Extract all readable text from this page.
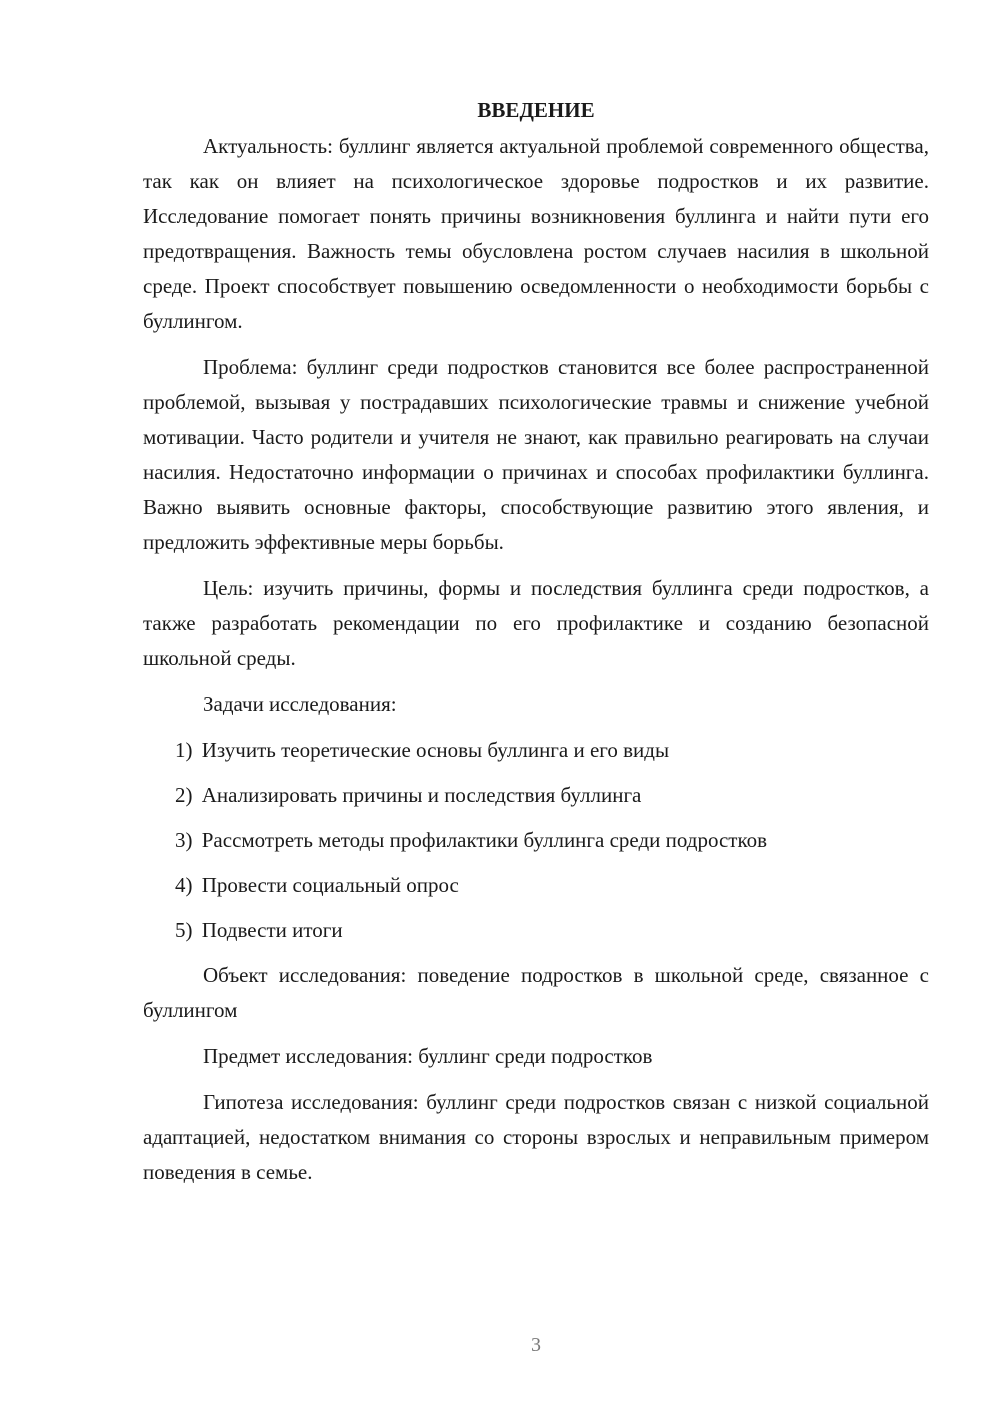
ВВЕДЕНИЕ

Актуальность: буллинг является актуальной проблемой современного общества, так как он влияет на психологическое здоровье подростков и их развитие. Исследование помогает понять причины возникновения буллинга и найти пути его предотвращения. Важность темы обусловлена ростом случаев насилия в школьной среде. Проект способствует повышению осведомленности о необходимости борьбы с буллингом.

Проблема: буллинг среди подростков становится все более распространенной проблемой, вызывая у пострадавших психологические травмы и снижение учебной мотивации. Часто родители и учителя не знают, как правильно реагировать на случаи насилия. Недостаточно информации о причинах и способах профилактики буллинга. Важно выявить основные факторы, способствующие развитию этого явления, и предложить эффективные меры борьбы.

Цель: изучить причины, формы и последствия буллинга среди подростков, а также разработать рекомендации по его профилактике и созданию безопасной школьной среды.

Задачи исследования:

1) Изучить теоретические основы буллинга и его виды
2) Анализировать причины и последствия буллинга
3) Рассмотреть методы профилактики буллинга среди подростков
4) Провести социальный опрос
5) Подвести итоги

Объект исследования: поведение подростков в школьной среде, связанное с буллингом

Предмет исследования: буллинг среди подростков

Гипотеза исследования: буллинг среди подростков связан с низкой социальной адаптацией, недостатком внимания со стороны взрослых и неправильным примером поведения в семье.

3
